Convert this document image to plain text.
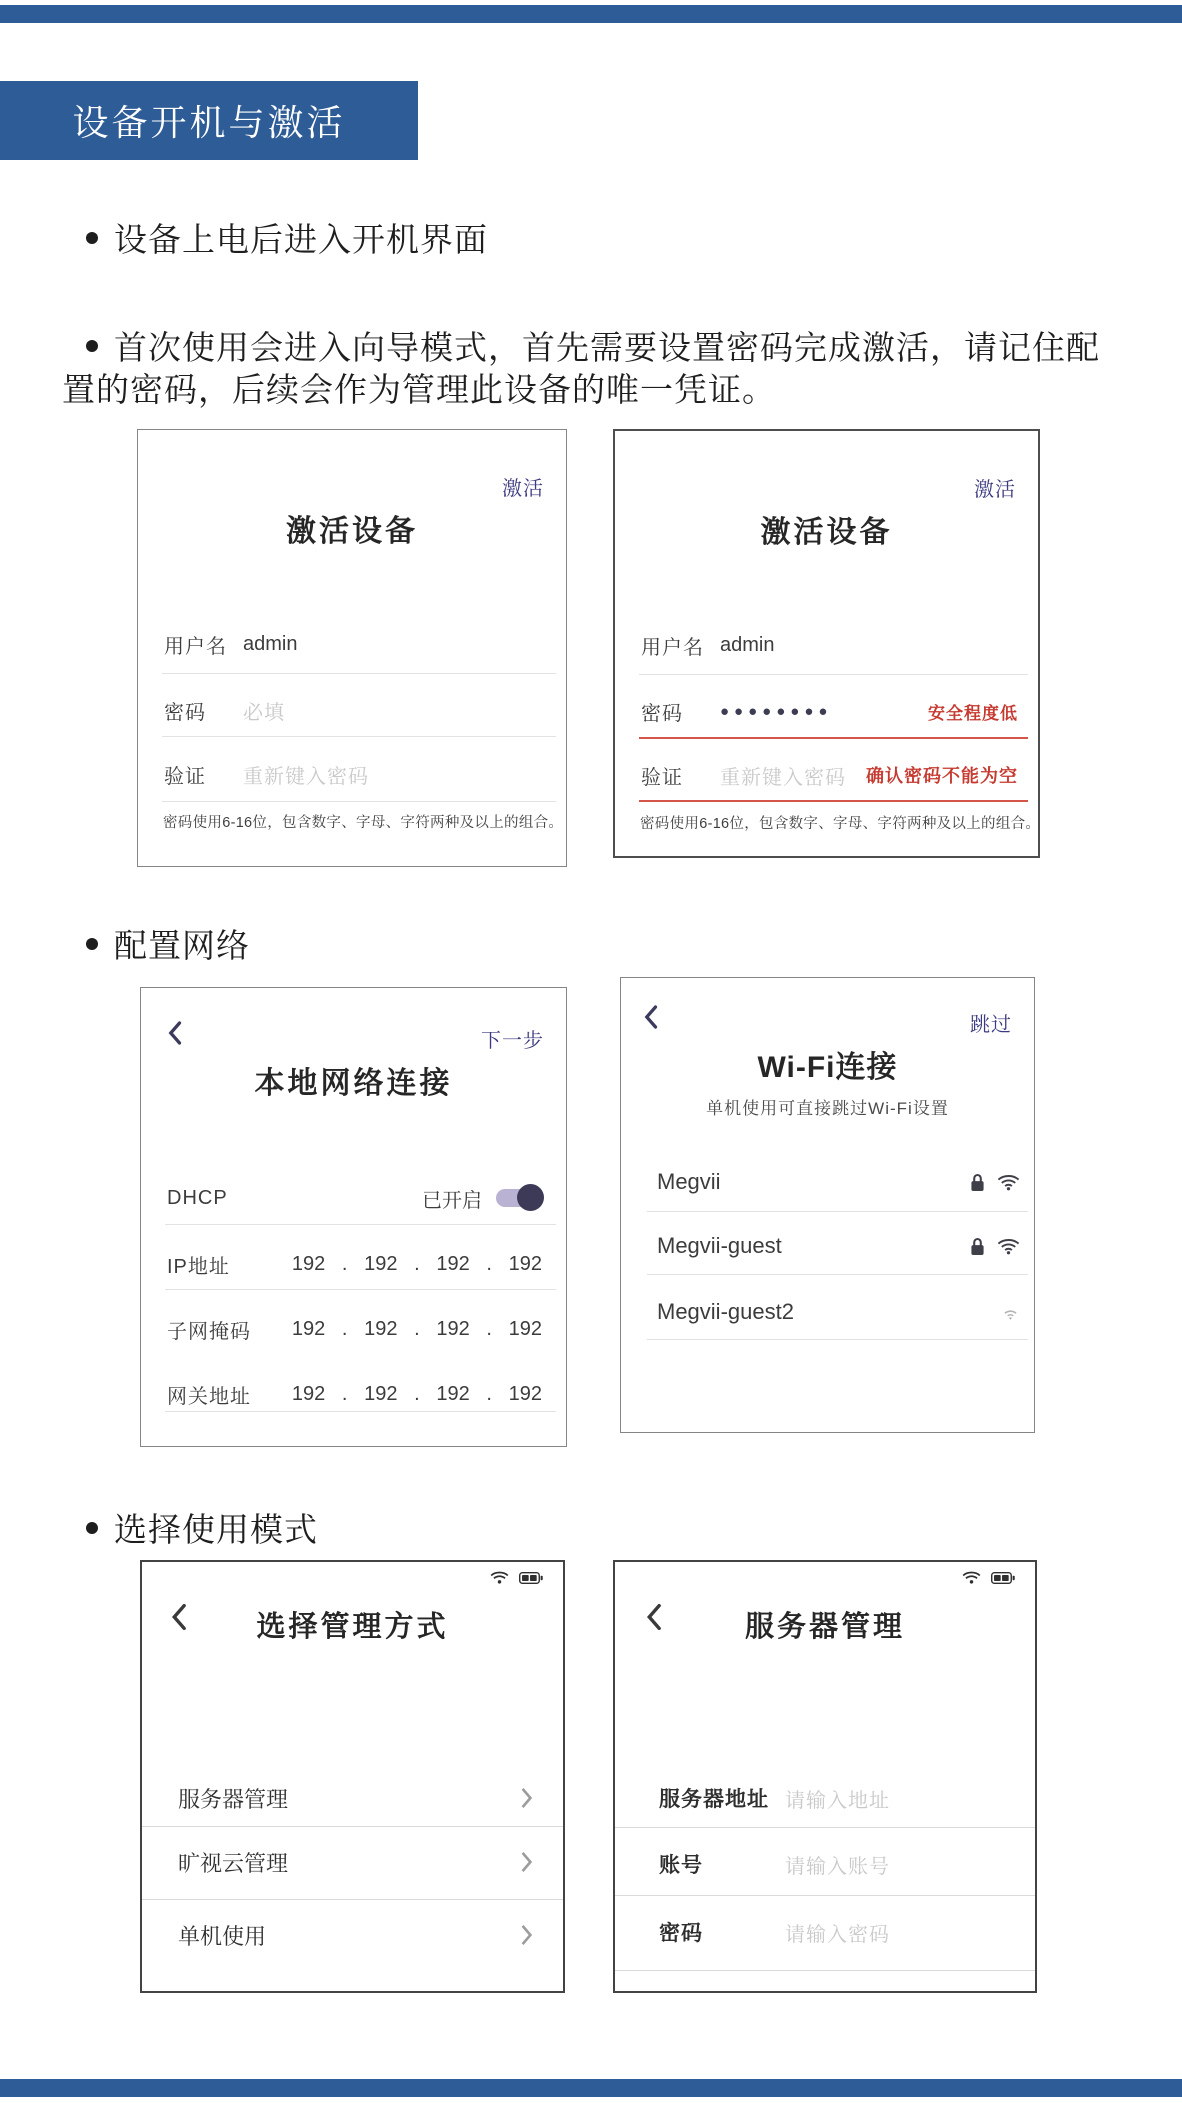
设备开机与激活
设备上电后进入开机界面
首次使用会进入向导模式，首先需要设置密码完成激活，请记住配
置的密码，后续会作为管理此设备的唯一凭证。
配置网络
选择使用模式
激活
激活设备
用户名 admin
密码	必填
验证	重新键入密码
密码使用6-16位，包含数字、字母、字符两种及以上的组合。
激活
激活设备
用户名 admin
密码	●●●●●●●●	安全程度低
验证	重新键入密码 确认密码不能为空
密码使用6-16位，包含数字、字母、字符两种及以上的组合。
下一步
本地网络连接
DHCP	已开启
IP地址	192   .   192   .   192   .   192
子网掩码 192   .   192   .   192   .   192
网关地址 192   .   192   .   192   .   192
跳过
Wi-Fi连接
单机使用可直接跳过Wi-Fi设置
Megvii
Megvii-guest
Megvii-guest2
选择管理方式
服务器管理
旷视云管理
单机使用
服务器管理
服务器地址 请输入地址
账号	请输入账号
密码	请输入密码
